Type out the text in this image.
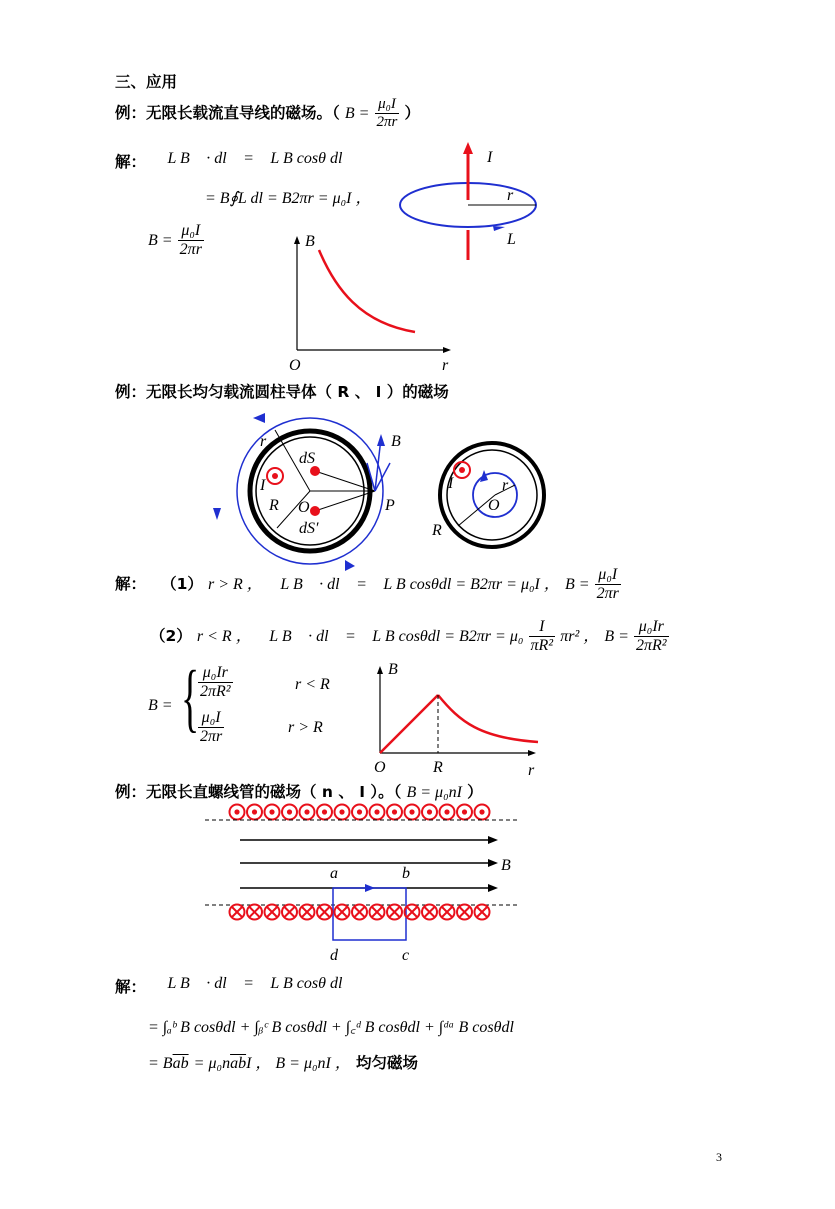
三、应用
例：无限长载流直导线的磁场。（ $B = \frac{\text{μ₀I}}{2\pi r}$ ）
解： ∮L B⃗ · dl⃗ = ∮L B cosθ dl
= B∮L dl = B2πr = μ₀I ，
$B = \frac{\text{μ₀I}}{2\pi r}$
I
r
L
B
O	r
例：无限长均匀载流圆柱导体（ R 、 I ）的磁场
r
dS
I
R O
dS′
P
B
I	r
O
R
解： （1） r > R ， ∮L B⃗ · dl⃗ = ∮L B cosθdl = B2πr = μ₀I ， $B = \frac{\text{μ₀I}}{2\pi r}$
（2） r < R ， ∮L B⃗ · dl⃗ = ∮L B $\cos\theta dl = B2\pi r = \mu_0 \frac{I}{\text{πR²}} \pi r^2$ ， $B = \frac{\text{μ₀Ir}}{\text{2πR²}}$
B = {
$\frac{\text{μ₀Ir}}{\text{2πR²}}$	r < R
$\frac{\text{μ₀I}}{2\pi r}$	r > R
B
O	R	r
例：无限长直螺线管的磁场（ n 、 I ）。（ B = μ₀nI ）
a	b	B
d	c
解： ∮L B⃗ · dl⃗ = ∮L B cosθ dl
= ∫ₐᵇ B cosθdl + ∫ᵦᶜ B cosθdl + ∫꜀ᵈ B cosθdl + ∫ᵈᵃ B cosθdl
= $B\overline{ab} = \mu_0n\overline{ab}I$ ， B = μ₀nI ， 均匀磁场
3
